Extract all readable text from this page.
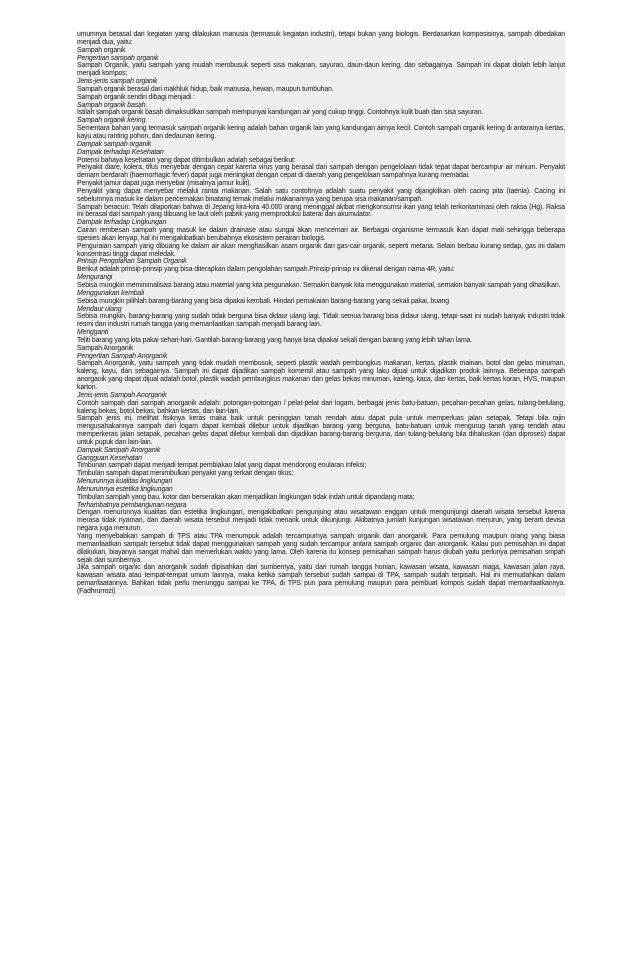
umumnya berasal dari kegiatan yang dilakukan manusia (termasuk kegiatan industri), tetapi bukan yang biologis. Berdasarkan komposisinya, sampah dibedakan menjadi dua, yaitu:
Sampah organik
Pengertian sampah organik
Sampah Organik, yaitu sampah yang mudah membusuk seperti sisa makanan, sayuran, daun-daun kering, dan sebagainya. Sampah ini dapat diolah lebih lanjut menjadi kompos;
Jenis-jenis sampah organik
Sampah organik berasal dari makhluk hidup, baik manusia, hewan, maupun tumbuhan.
Sampah organik sendiri dibagi menjadi :
Sampah organik basah.
Istilah sampah organik basah dimaksudkan sampah mempunyai kandungan air yang cukup tinggi. Contohnya kulit buah dan sisa sayuran.
Sampah organik kering.
Sementara bahan yang termasuk sampah organik kering adalah bahan organik lain yang kandungan airnya kecil. Contoh sampah organik kering di antaranya kertas, kayu atau ranting pohon, dan dedaunan kering.
Dampak sampah organik
Dampak terhadap Kesehatan
Potensi bahaya kesehatan yang dapat ditimbulkan adalah sebagai berikut:
Penyakit diare, kolera, tifus menyebar dengan cepat karena virus yang berasal dari sampah dengan pengelolaan tidak tepat dapat bercampur air minum. Penyakit demam berdarah (haemorhagic fever) dapat juga meningkat dengan cepat di daerah yang pengelolaan sampahnya kurang memadai.
Penyakit jamur dapat juga menyebar (misalnya jamur kulit).
Penyakit yang dapat menyebar melalui rantai makanan. Salah satu contohnya adalah suatu penyakit yang dijangkitkan oleh cacing pita (taenia). Cacing ini sebelumnya masuk ke dalam pencernakan binatang ternak melalui makanannya yang berupa sisa makanan/sampah.
Sampah beracun: Telah dilaporkan bahwa di Jepang kira-kira 40.000 orang meninggal akibat mengkonsumsi ikan yang telah terkontaminasi oleh raksa (Hg). Raksa ini berasal dari sampah yang dibuang ke laut oleh pabrik yang memproduksi baterai dan akumulator.
Dampak terhadap Lingkungan
Cairan rembesan sampah yang masuk ke dalam drainase atau sungai akan mencemari air. Berbagai organisme termasuk ikan dapat mati sehingga beberapa spesies akan lenyap, hal ini mengakibatkan berubahnya ekosistem perairan biologis.
Penguraian sampah yang dibuang ke dalam air akan menghasilkan asam organik dan gas-cair organik, seperti metana. Selain berbau kurang sedap, gas ini dalam konsentrasi tinggi dapat meledak.
Prinsip Pengolahan Sampah Organik
Berikut adalah prinsip-prinsip yang bisa diterapkan dalam pengolahan sampah.Prinsip-prinsip ini dikenal dengan nama 4R, yaitu:
Mengurangi
Sebisa mungkin meminimalisasi barang atau material yang kita pergunakan. Semakin banyak kita menggunakan material, semakin banyak sampah yang dihasilkan.
Menggunakan kembali
Sebisa mungkin pilihlah barang-barang yang bisa dipakai kembali. Hindari pemakaian barang-barang yang sekali pakai, buang
Mendaur ulang
Sebisa mungkin, barang-barang yang sudah tidak berguna bisa didaur ulang lagi. Tidak semua barang bisa didaur ulang, tetapi saat ini sudah banyak industri tidak resmi dan industri rumah tangga yang memanfaatkan sampah menjadi barang lain.
Mengganti
Teliti barang yang kita pakai sehari-hari. Gantilah barang-barang yang hanya bisa dipakai sekali dengan barang yang lebih tahan lama.
Sampah Anorganik
Pengertian Sampah Anorganik
Sampah Anorganik, yaitu sampah yang tidak mudah membusuk, seperti plastik wadah pembungkus makanan, kertas, plastik mainan, botol dan gelas minuman, kaleng, kayu, dan sebagainya. Sampah ini dapat dijadikan sampah komersil atau sampah yang laku dijual untuk dijadikan produk lainnya. Beberapa sampah anorganik yang dapat dijual adalah botol, plastik wadah pembungkus makanan dan gelas bekas minuman, kaleng, kaca, dan kertas, baik kertas koran, HVS, maupun karton.
Jenis-jenis Sampah Anorganik
Contoh sampah dari sampah anorganik adalah: potongan-potongan / pelat-pelat dari logam, berbagai jenis batu-batuan, pecahan-pecahan gelas, tulang-belulang, kaleng bekas, botol bekas, bahkan kertas, dan lain-lain.
Sampah jenis ini, melihat fisiknya keras maka baik untuk peninggian tanah rendah atau dapat pula untuk memperluas jalan setapak. Tetapi bila rajin mengusahakannya sampah dari logam dapat kembali dilebur untuk dijadikan barang yang berguna, batu-batuan untuk mengurug tanah yang rendah atau memperkeras jalan setapak, pecahan gelas dapat dilebur kembali dan dijadikan barang-barang berguna, dan tulang-belulang bila dihaluskan (dan diproses) dapat untuk pupuk dan lain-lain.
Dampak Sampah Anorganik
Gangguan Kesehatan
Timbunan sampah dapat menjadi tempat pembiakan lalat yang dapat mendorong enularan infeksi;
Timbulan sampah dapat menimbulkan penyakit yang terkait dengan tikus;
Menurunnya kualitas lingkungan
Menurunnya estetika lingkungan
Timbulan sampah yang bau, kotor dan berserakan akan menjadikan lingkungan tidak indah untuk dipandang mata;
Terhambatnya pembangunan negara
Dengan menurunnya kualitas dan estetika lingkungan, mengakibatkan pengunjung atau wisatawan enggan untuk mengunjungi daerah wisata tersebut karena merasa tidak nyaman, dan daerah wisata tersebut menjadi tidak menarik untuk dikunjungi. Akibatnya jumlah kunjungan wisatawan menurun, yang berarti devisa negara juga menurun.
Yang menyebabkan sampah di TPS atau TPA menumpuk adalah tercampurnya sampah organik dan anorganik. Para pemulung maupun orang yang biasa memanfaatkan sampah tersebut tidak dapat menggunakan sampah yang sudah tercampur antara sampah organic dan anorganik. Kalau pun pemisahan ini dapat dilakukan, biayanya sangat mahal dan memerlukan waktu yang lama. Oleh karena itu konsep pemisahan sampah harus diubah yaitu perlunya pemisahan smpah sejak dari sumbernya.
Jika sampah organic dan anorganik sudah dipisahkan dari sumbernya, yaitu dari rumah tangga hunian, kawasan wisata, kawasan niaga, kawasan jalan raya, kawasan wisata atau tempat-tempat umum lainnya, maka ketika sampah tersebut sudah sampai di TPA, sampah sudah terpisah. Hal ini memudahkan dalam pemanfaatannya. Bahkan tidak perlu menunggu sampai ke TPA, di TPS pun para pemulung maupun para pembuat kompos sudah dapat memanfaatkannya. (Fadhrurrozi)
